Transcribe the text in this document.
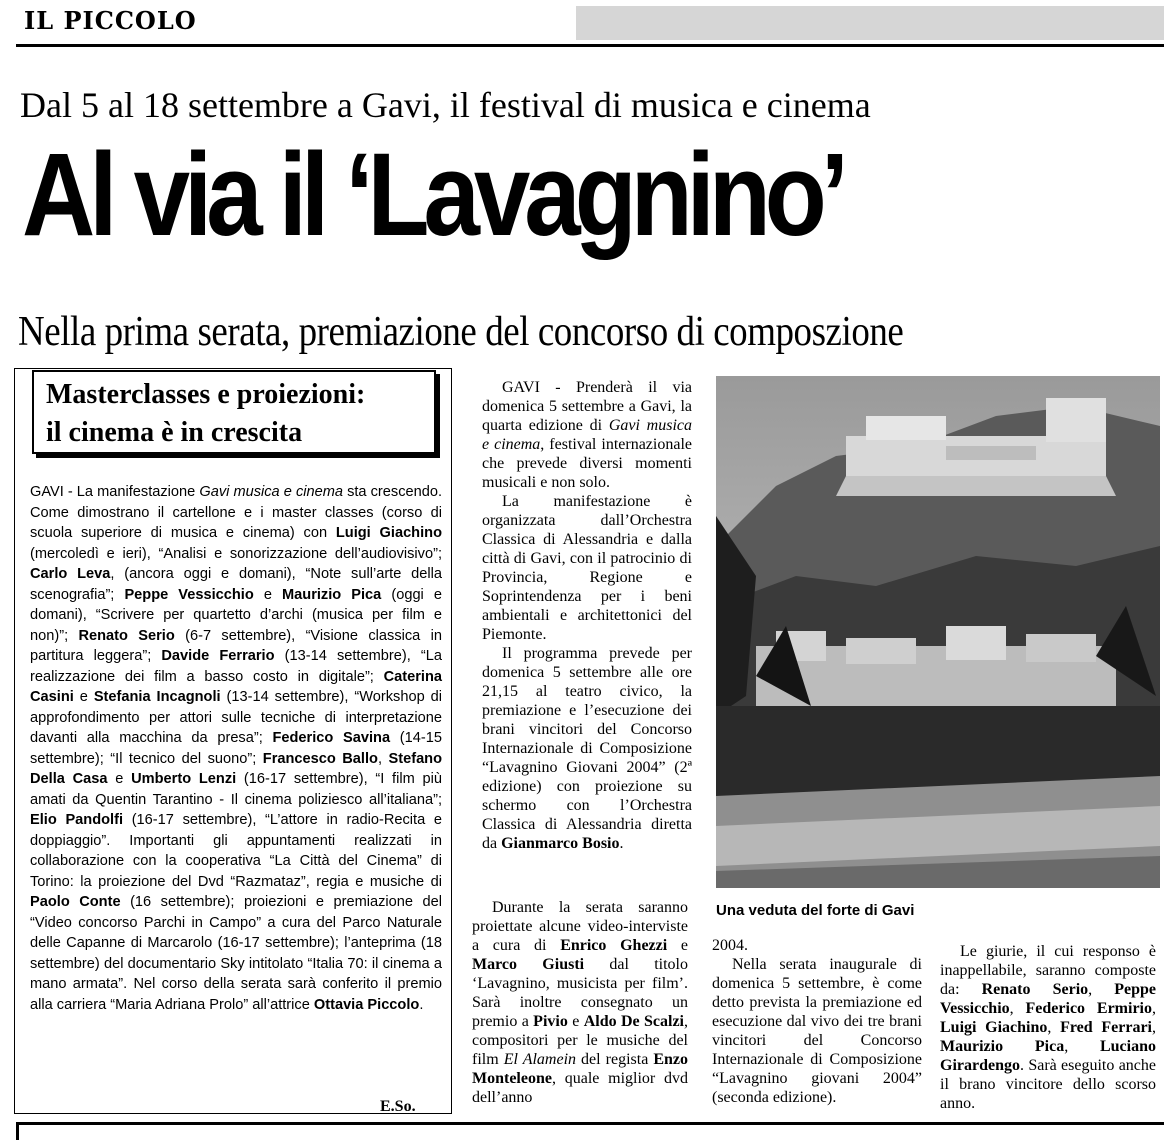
IL PICCOLO
Dal 5 al 18 settembre a Gavi, il festival di musica e cinema
Al via il ‘Lavagnino’
Nella prima serata, premiazione del concorso di composzione
Masterclasses e proiezioni:
il cinema è in crescita
GAVI - La manifestazione Gavi musica e cinema sta crescendo. Come dimostrano il cartellone e i master classes (corso di scuola superiore di musica e cinema) con Luigi Giachino (mercoledì e ieri), “Analisi e sonorizzazione dell’audiovisivo”; Carlo Leva, (ancora oggi e domani), “Note sull’arte della scenografia”; Peppe Vessicchio e Maurizio Pica (oggi e domani), “Scrivere per quartetto d’archi (musica per film e non)”; Renato Serio (6-7 settembre), “Visione classica in partitura leggera”; Davide Ferrario (13-14 settembre), “La realizzazione dei film a basso costo in digitale”; Caterina Casini e Stefania Incagnoli (13-14 settembre), “Workshop di approfondimento per attori sulle tecniche di interpretazione davanti alla macchina da presa”; Federico Savina (14-15 settembre); “Il tecnico del suono”; Francesco Ballo, Stefano Della Casa e Umberto Lenzi (16-17 settembre), “I film più amati da Quentin Tarantino - Il cinema poliziesco all’italiana”; Elio Pandolfi (16-17 settembre), “L’attore in radio-Recita e doppiaggio”. Importanti gli appuntamenti realizzati in collaborazione con la cooperativa “La Città del Cinema” di Torino: la proiezione del Dvd “Razmataz”, regia e musiche di Paolo Conte (16 settembre); proiezioni e premiazione del “Video concorso Parchi in Campo” a cura del Parco Naturale delle Capanne di Marcarolo (16-17 settembre); l’anteprima (18 settembre) del documentario Sky intitolato “Italia 70: il cinema a mano armata”. Nel corso della serata sarà conferito il premio alla carriera “Maria Adriana Prolo” all’attrice Ottavia Piccolo.
E.So.

GAVI - Prenderà il via domenica 5 settembre a Gavi, la quarta edizione di Gavi musica e cinema, festival internazionale che prevede diversi momenti musicali e non solo.

La manifestazione è organizzata dall’Orchestra Classica di Alessandria e dalla città di Gavi, con il patrocinio di Provincia, Regione e Soprintendenza per i beni ambientali e architettonici del Piemonte.

Il programma prevede per domenica 5 settembre alle ore 21,15 al teatro civico, la premiazione e l’esecuzione dei brani vincitori del Concorso Internazionale di Composizione “Lavagnino Giovani 2004” (2ª edizione) con proiezione su schermo con l’Orchestra Classica di Alessandria diretta da Gianmarco Bosio.

Durante la serata saranno proiettate alcune video-interviste a cura di Enrico Ghezzi e Marco Giusti dal titolo ‘Lavagnino, musicista per film’. Sarà inoltre consegnato un premio a Pivio e Aldo De Scalzi, compositori per le musiche del film El Alamein del regista Enzo Monteleone, quale miglior dvd dell’anno

Una veduta del forte di Gavi

2004.

Nella serata inaugurale di domenica 5 settembre, è come detto prevista la premiazione ed esecuzione dal vivo dei tre brani vincitori del Concorso Internazionale di Composizione “Lavagnino giovani 2004” (seconda edizione).

Le giurie, il cui responso è inappellabile, saranno composte da: Renato Serio, Peppe Vessicchio, Federico Ermirio, Luigi Giachino, Fred Ferrari, Maurizio Pica, Luciano Girardengo. Sarà eseguito anche il brano vincitore dello scorso anno.
